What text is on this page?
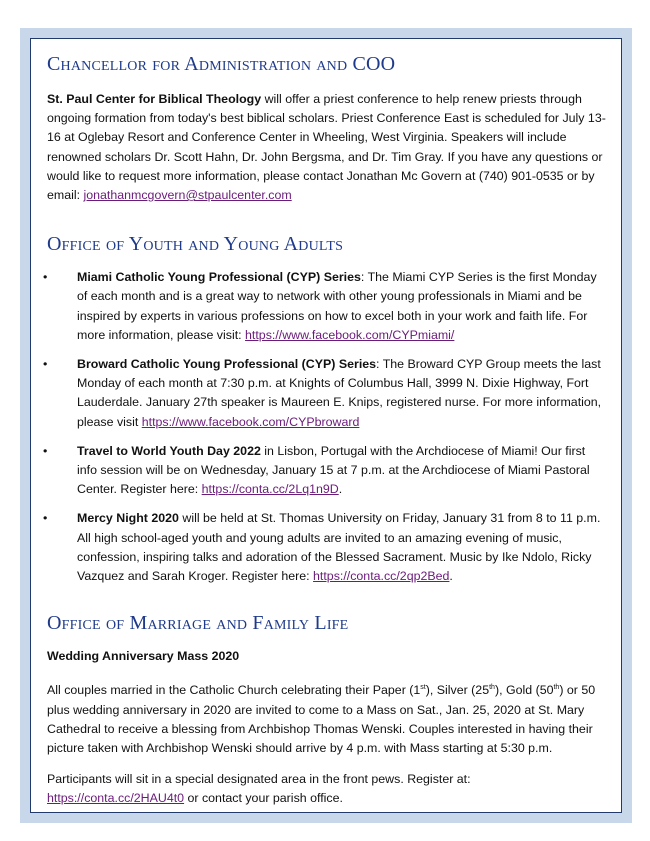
Chancellor for Administration and COO

St. Paul Center for Biblical Theology will offer a priest conference to help renew priests through ongoing formation from today's best biblical scholars. Priest Conference East is scheduled for July 13-16 at Oglebay Resort and Conference Center in Wheeling, West Virginia. Speakers will include renowned scholars Dr. Scott Hahn, Dr. John Bergsma, and Dr. Tim Gray. If you have any questions or would like to request more information, please contact Jonathan Mc Govern at (740) 901-0535 or by email: jonathanmcgovern@stpaulcenter.com

Office of Youth and Young Adults
• Miami Catholic Young Professional (CYP) Series: The Miami CYP Series is the first Monday of each month and is a great way to network with other young professionals in Miami and be inspired by experts in various professions on how to excel both in your work and faith life. For more information, please visit: https://www.facebook.com/CYPmiami/
• Broward Catholic Young Professional (CYP) Series: The Broward CYP Group meets the last Monday of each month at 7:30 p.m. at Knights of Columbus Hall, 3999 N. Dixie Highway, Fort Lauderdale. January 27th speaker is Maureen E. Knips, registered nurse. For more information, please visit https://www.facebook.com/CYPbroward
• Travel to World Youth Day 2022 in Lisbon, Portugal with the Archdiocese of Miami! Our first info session will be on Wednesday, January 15 at 7 p.m. at the Archdiocese of Miami Pastoral Center. Register here: https://conta.cc/2Lq1n9D.
• Mercy Night 2020 will be held at St. Thomas University on Friday, January 31 from 8 to 11 p.m. All high school-aged youth and young adults are invited to an amazing evening of music, confession, inspiring talks and adoration of the Blessed Sacrament. Music by Ike Ndolo, Ricky Vazquez and Sarah Kroger. Register here: https://conta.cc/2qp2Bed.
Office of Marriage and Family Life
Wedding Anniversary Mass 2020

All couples married in the Catholic Church celebrating their Paper (1st), Silver (25th), Gold (50th) or 50 plus wedding anniversary in 2020 are invited to come to a Mass on Sat., Jan. 25, 2020 at St. Mary Cathedral to receive a blessing from Archbishop Thomas Wenski. Couples interested in having their picture taken with Archbishop Wenski should arrive by 4 p.m. with Mass starting at 5:30 p.m.

Participants will sit in a special designated area in the front pews. Register at: https://conta.cc/2HAU4t0 or contact your parish office.
